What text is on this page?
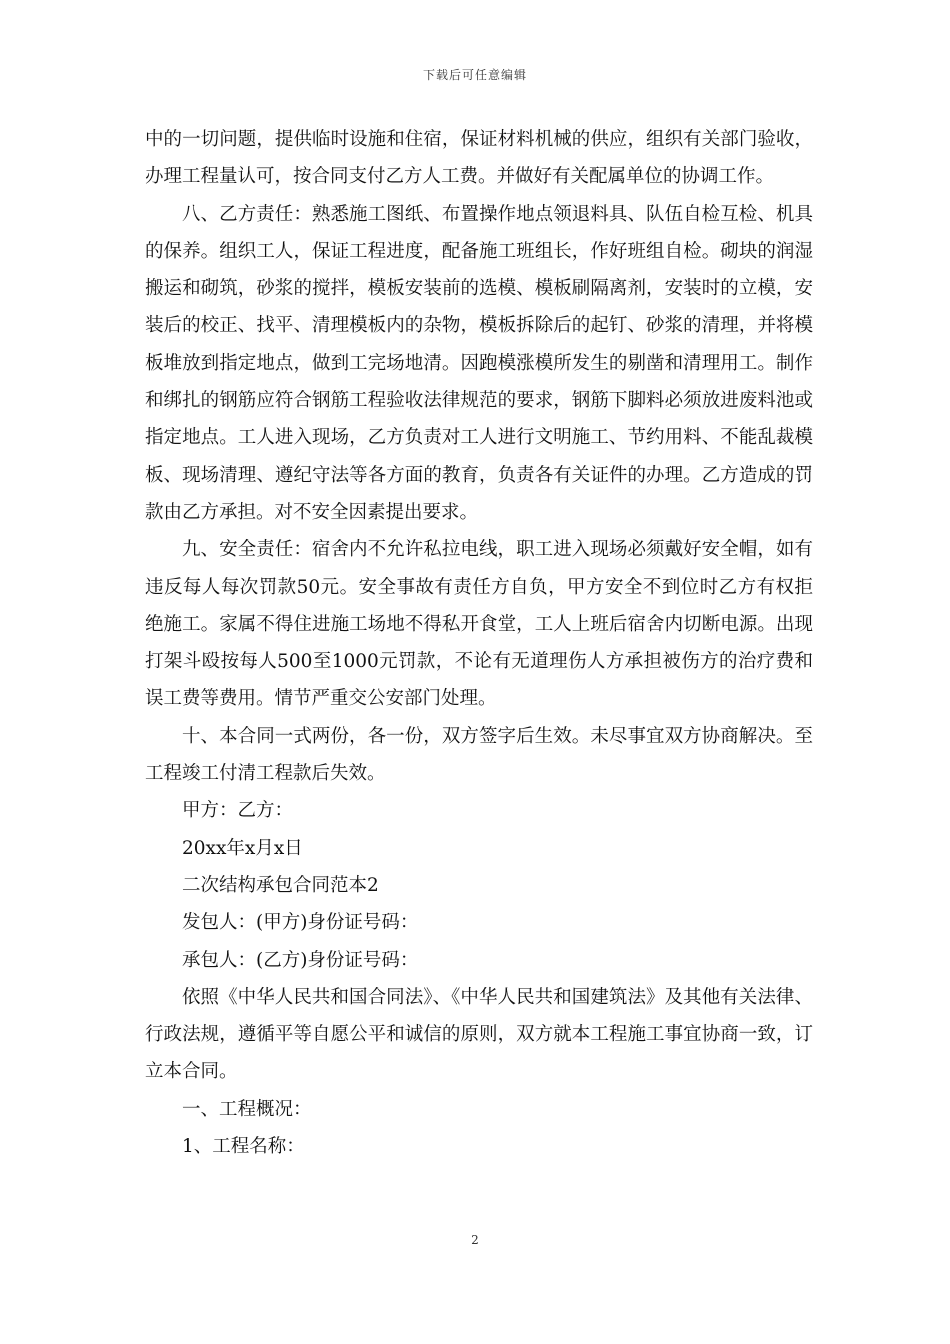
下载后可任意编辑

中的一切问题，提供临时设施和住宿，保证材料机械的供应，组织有关部门验收，办理工程量认可，按合同支付乙方人工费。并做好有关配属单位的协调工作。

八、乙方责任：熟悉施工图纸、布置操作地点领退料具、队伍自检互检、机具的保养。组织工人，保证工程进度，配备施工班组长，作好班组自检。砌块的润湿搬运和砌筑，砂浆的搅拌，模板安装前的选模、模板刷隔离剂，安装时的立模，安装后的校正、找平、清理模板内的杂物，模板拆除后的起钉、砂浆的清理，并将模板堆放到指定地点，做到工完场地清。因跑模涨模所发生的剔凿和清理用工。制作和绑扎的钢筋应符合钢筋工程验收法律规范的要求，钢筋下脚料必须放进废料池或指定地点。工人进入现场，乙方负责对工人进行文明施工、节约用料、不能乱裁模板、现场清理、遵纪守法等各方面的教育，负责各有关证件的办理。乙方造成的罚款由乙方承担。对不安全因素提出要求。

九、安全责任：宿舍内不允许私拉电线，职工进入现场必须戴好安全帽，如有违反每人每次罚款50元。安全事故有责任方自负，甲方安全不到位时乙方有权拒绝施工。家属不得住进施工场地不得私开食堂，工人上班后宿舍内切断电源。出现打架斗殴按每人500至1000元罚款，不论有无道理伤人方承担被伤方的治疗费和误工费等费用。情节严重交公安部门处理。

十、本合同一式两份，各一份，双方签字后生效。未尽事宜双方协商解决。至工程竣工付清工程款后失效。

甲方：乙方：

20xx年x月x日

二次结构承包合同范本2

发包人：(甲方)身份证号码：

承包人：(乙方)身份证号码：

依照《中华人民共和国合同法》、《中华人民共和国建筑法》及其他有关法律、行政法规，遵循平等自愿公平和诚信的原则，双方就本工程施工事宜协商一致，订立本合同。

一、工程概况：

1、工程名称：

2
